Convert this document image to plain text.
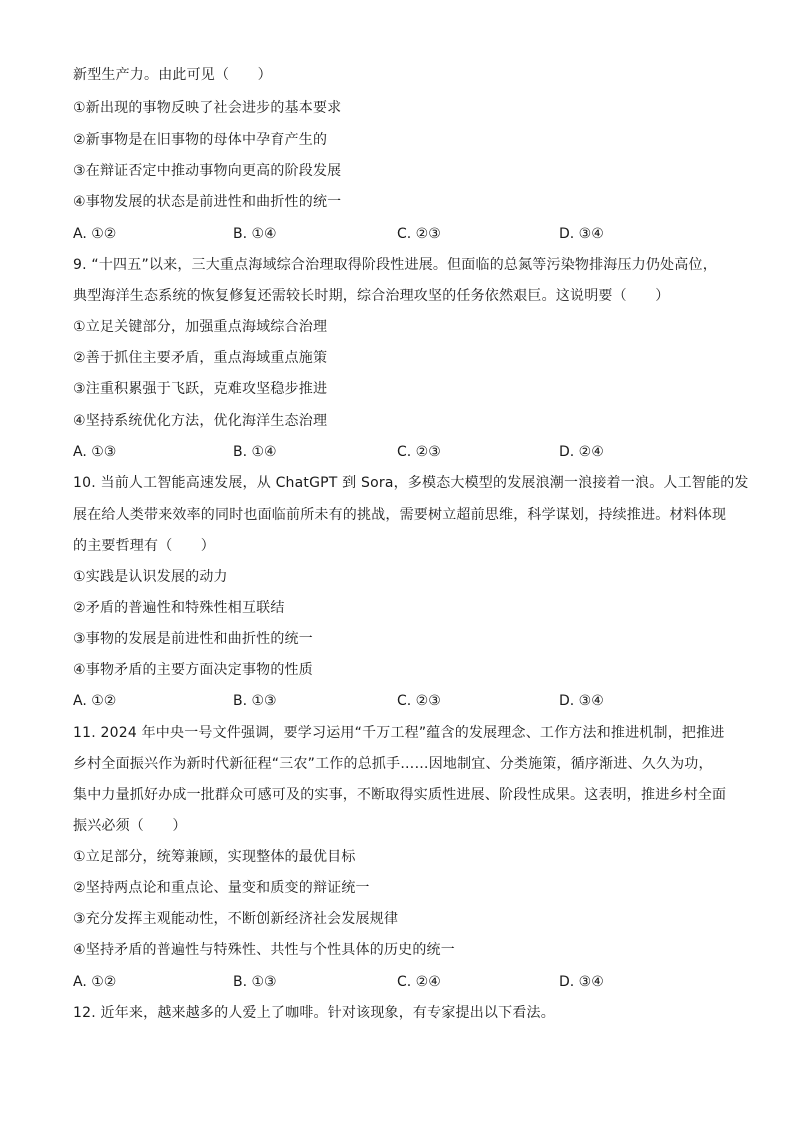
新型生产力。由此可见（　　）
①新出现的事物反映了社会进步的基本要求
②新事物是在旧事物的母体中孕育产生的
③在辩证否定中推动事物向更高的阶段发展
④事物发展的状态是前进性和曲折性的统一
A. ①②	B. ①④	C. ②③	D. ③④
9. “十四五”以来，三大重点海域综合治理取得阶段性进展。但面临的总氮等污染物排海压力仍处高位，
典型海洋生态系统的恢复修复还需较长时期，综合治理攻坚的任务依然艰巨。这说明要（　　）
①立足关键部分，加强重点海域综合治理
②善于抓住主要矛盾，重点海域重点施策
③注重积累强于飞跃，克难攻坚稳步推进
④坚持系统优化方法，优化海洋生态治理
A. ①③	B. ①④	C. ②③	D. ②④
10. 当前人工智能高速发展，从 ChatGPT 到 Sora，多模态大模型的发展浪潮一浪接着一浪。人工智能的发
展在给人类带来效率的同时也面临前所未有的挑战，需要树立超前思维，科学谋划，持续推进。材料体现
的主要哲理有（　　）
①实践是认识发展的动力
②矛盾的普遍性和特殊性相互联结
③事物的发展是前进性和曲折性的统一
④事物矛盾的主要方面决定事物的性质
A. ①②	B. ①③	C. ②③	D. ③④
11. 2024 年中央一号文件强调，要学习运用“千万工程”蕴含的发展理念、工作方法和推进机制，把推进
乡村全面振兴作为新时代新征程“三农”工作的总抓手……因地制宜、分类施策，循序渐进、久久为功，
集中力量抓好办成一批群众可感可及的实事，不断取得实质性进展、阶段性成果。这表明，推进乡村全面
振兴必须（　　）
①立足部分，统筹兼顾，实现整体的最优目标
②坚持两点论和重点论、量变和质变的辩证统一
③充分发挥主观能动性，不断创新经济社会发展规律
④坚持矛盾的普遍性与特殊性、共性与个性具体的历史的统一
A. ①②	B. ①③	C. ②④	D. ③④
12. 近年来，越来越多的人爱上了咖啡。针对该现象，有专家提出以下看法。
